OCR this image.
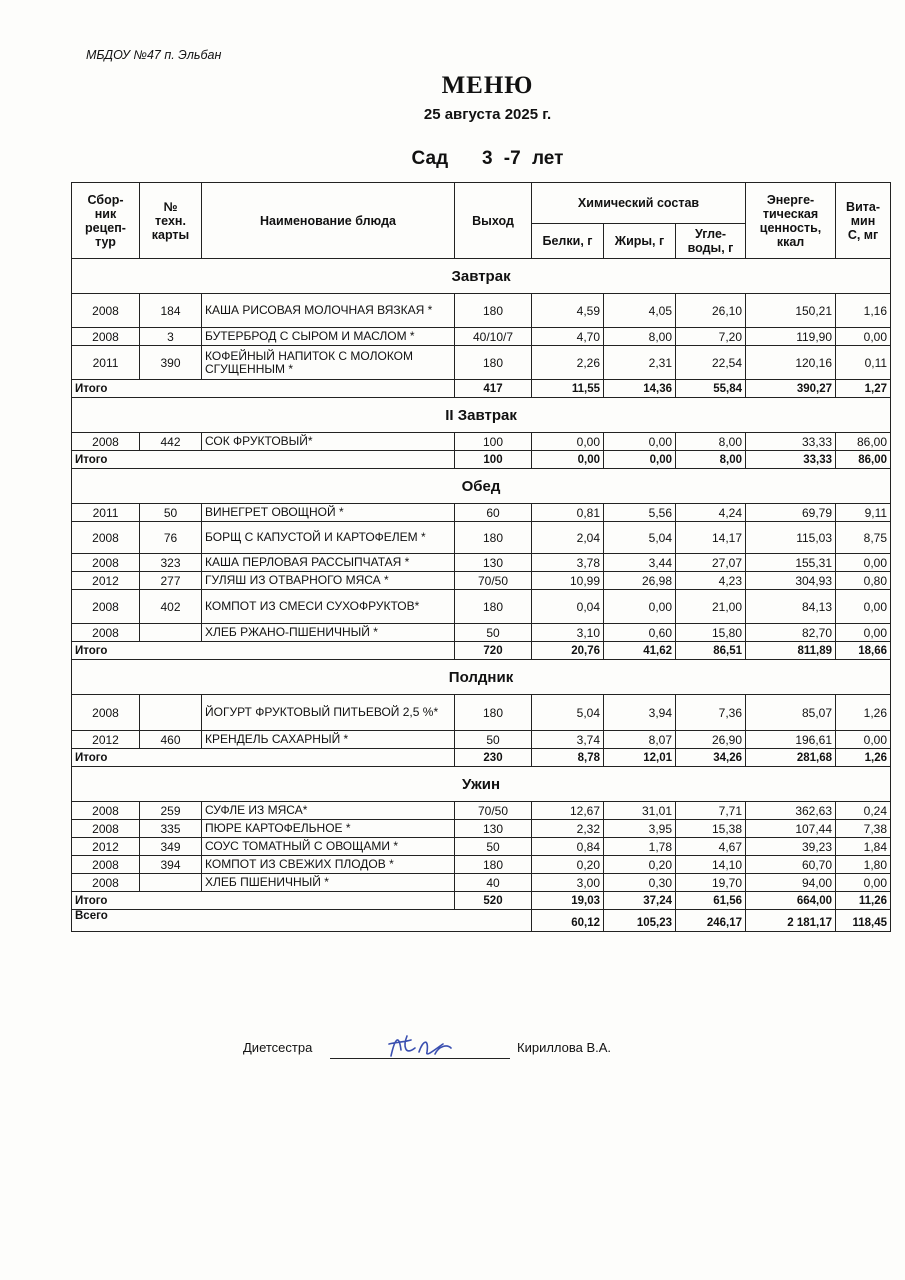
МБДОУ №47 п. Эльбан
МЕНЮ
25 августа 2025 г.
Сад   3 -7 лет
Сбор-
ник
рецеп-
тур	№
техн.
карты	Наименование блюда	Выход	Химический состав			Энерге-
тическая
ценность,
ккал	Вита-
мин
С, мг
				Белки, г	Жиры, г	Угле-
воды, г		
Завтрак								
2008	184	КАША РИСОВАЯ МОЛОЧНАЯ ВЯЗКАЯ *	180	4,59	4,05	26,10	150,21	1,16
2008	3	БУТЕРБРОД С СЫРОМ И МАСЛОМ *	40/10/7	4,70	8,00	7,20	119,90	0,00
2011	390	КОФЕЙНЫЙ НАПИТОК С МОЛОКОМ СГУЩЕННЫМ *	180	2,26	2,31	22,54	120,16	0,11
Итого			417	11,55	14,36	55,84	390,27	1,27
II Завтрак								
2008	442	СОК ФРУКТОВЫЙ*	100	0,00	0,00	8,00	33,33	86,00
Итого			100	0,00	0,00	8,00	33,33	86,00
Обед								
2011	50	ВИНЕГРЕТ ОВОЩНОЙ *	60	0,81	5,56	4,24	69,79	9,11
2008	76	БОРЩ С КАПУСТОЙ И КАРТОФЕЛЕМ *	180	2,04	5,04	14,17	115,03	8,75
2008	323	КАША ПЕРЛОВАЯ РАССЫПЧАТАЯ *	130	3,78	3,44	27,07	155,31	0,00
2012	277	ГУЛЯШ ИЗ ОТВАРНОГО МЯСА *	70/50	10,99	26,98	4,23	304,93	0,80
2008	402	КОМПОТ ИЗ СМЕСИ СУХОФРУКТОВ*	180	0,04	0,00	21,00	84,13	0,00
2008		ХЛЕБ РЖАНО-ПШЕНИЧНЫЙ *	50	3,10	0,60	15,80	82,70	0,00
Итого			720	20,76	41,62	86,51	811,89	18,66
Полдник								
2008		ЙОГУРТ ФРУКТОВЫЙ ПИТЬЕВОЙ 2,5 %*	180	5,04	3,94	7,36	85,07	1,26
2012	460	КРЕНДЕЛЬ САХАРНЫЙ *	50	3,74	8,07	26,90	196,61	0,00
Итого			230	8,78	12,01	34,26	281,68	1,26
Ужин								
2008	259	СУФЛЕ ИЗ МЯСА*	70/50	12,67	31,01	7,71	362,63	0,24
2008	335	ПЮРЕ КАРТОФЕЛЬНОЕ *	130	2,32	3,95	15,38	107,44	7,38
2012	349	СОУС ТОМАТНЫЙ С ОВОЩАМИ *	50	0,84	1,78	4,67	39,23	1,84
2008	394	КОМПОТ ИЗ СВЕЖИХ ПЛОДОВ *	180	0,20	0,20	14,10	60,70	1,80
2008		ХЛЕБ ПШЕНИЧНЫЙ *	40	3,00	0,30	19,70	94,00	0,00
Итого			520	19,03	37,24	61,56	664,00	11,26
Всего				60,12	105,23	246,17	2 181,17	118,45
Диетсестра	Кириллова В.А.
